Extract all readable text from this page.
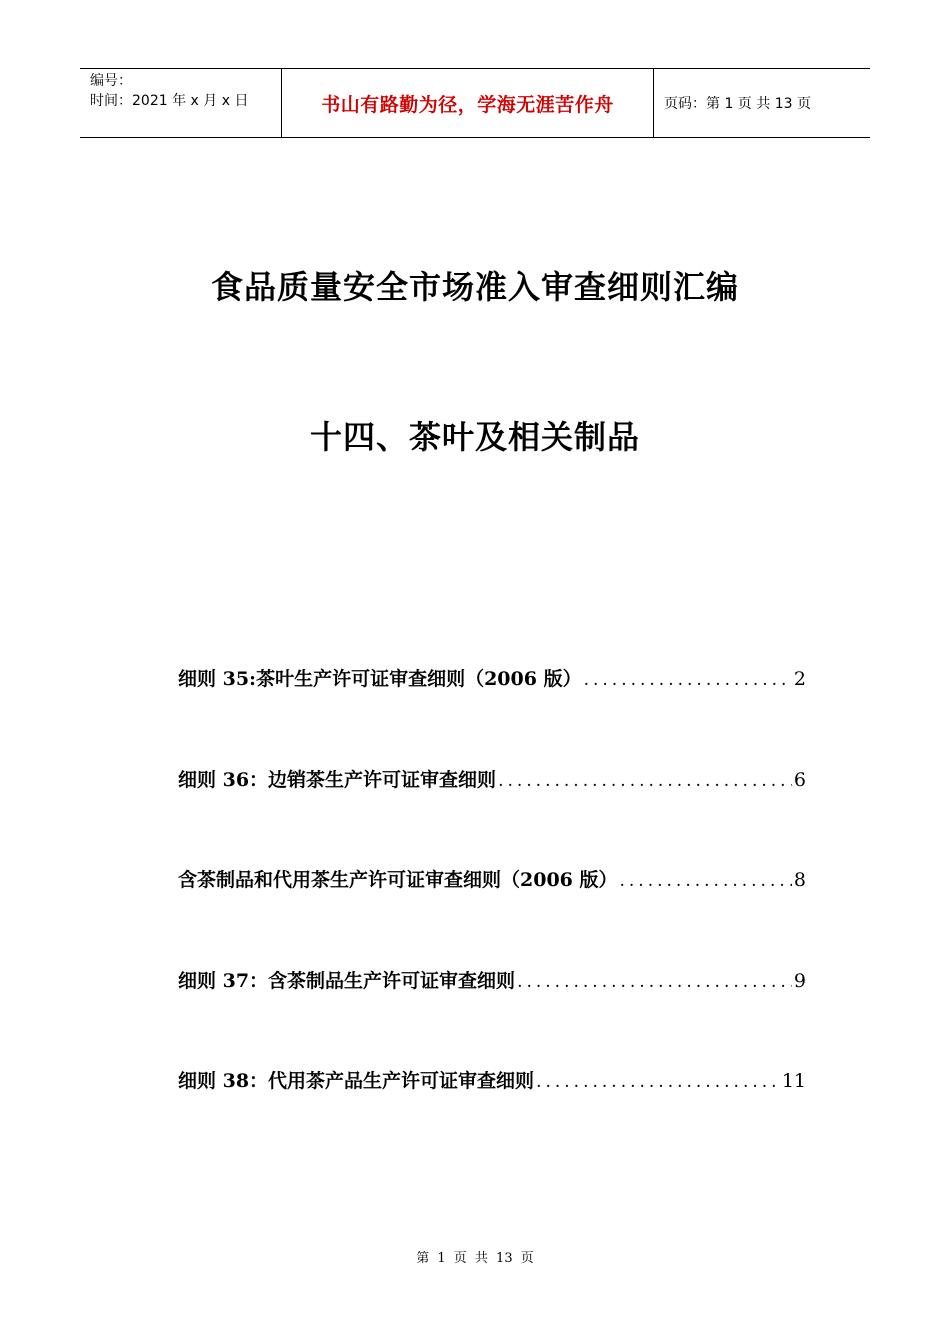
编号：
时间：2021 年 x 月 x 日	书山有路勤为径，学海无涯苦作舟	页码：第 1 页 共 13 页
食品质量安全市场准入审查细则汇编
十四、茶叶及相关制品
细则 35:茶叶生产许可证审查细则（2006 版） .....	2
细则 36：边销茶生产许可证审查细则 .....	6
含茶制品和代用茶生产许可证审查细则（2006 版） .....	8
细则 37：含茶制品生产许可证审查细则 .....	9
细则 38：代用茶产品生产许可证审查细则 .....	11
第 1 页 共 13 页
